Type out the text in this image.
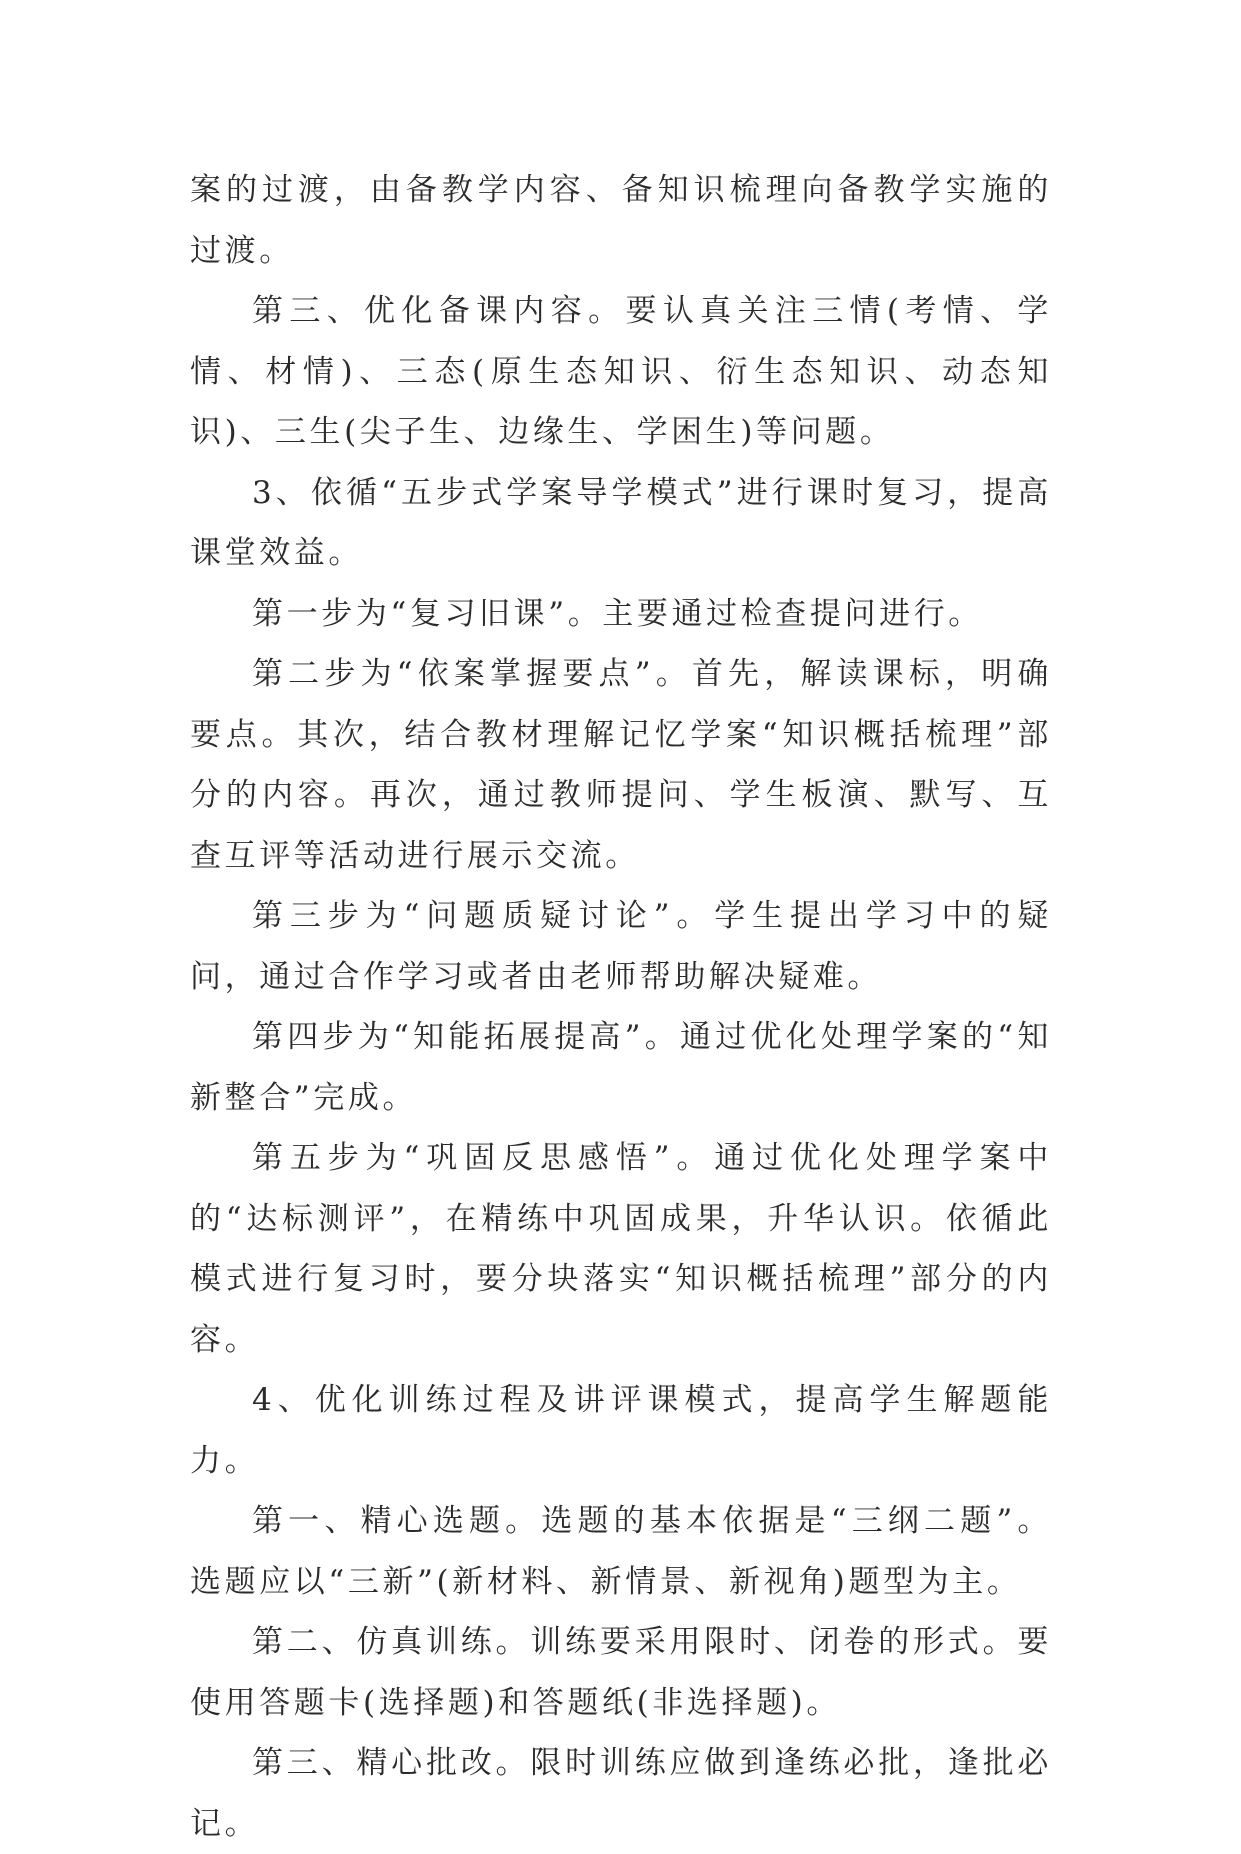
案的过渡，由备教学内容、备知识梳理向备教学实施的过渡。

第三、优化备课内容。要认真关注三情(考情、学情、材情)、三态(原生态知识、衍生态知识、动态知识)、三生(尖子生、边缘生、学困生)等问题。

3、依循“五步式学案导学模式”进行课时复习，提高课堂效益。

第一步为“复习旧课”。主要通过检查提问进行。

第二步为“依案掌握要点”。首先，解读课标，明确要点。其次，结合教材理解记忆学案“知识概括梳理”部分的内容。再次，通过教师提问、学生板演、默写、互查互评等活动进行展示交流。

第三步为“问题质疑讨论”。学生提出学习中的疑问，通过合作学习或者由老师帮助解决疑难。

第四步为“知能拓展提高”。通过优化处理学案的“知新整合”完成。

第五步为“巩固反思感悟”。通过优化处理学案中的“达标测评”，在精练中巩固成果，升华认识。依循此模式进行复习时，要分块落实“知识概括梳理”部分的内容。

4、优化训练过程及讲评课模式，提高学生解题能力。

第一、精心选题。选题的基本依据是“三纲二题”。选题应以“三新”(新材料、新情景、新视角)题型为主。

第二、仿真训练。训练要采用限时、闭卷的形式。要使用答题卡(选择题)和答题纸(非选择题)。

第三、精心批改。限时训练应做到逢练必批，逢批必记。
